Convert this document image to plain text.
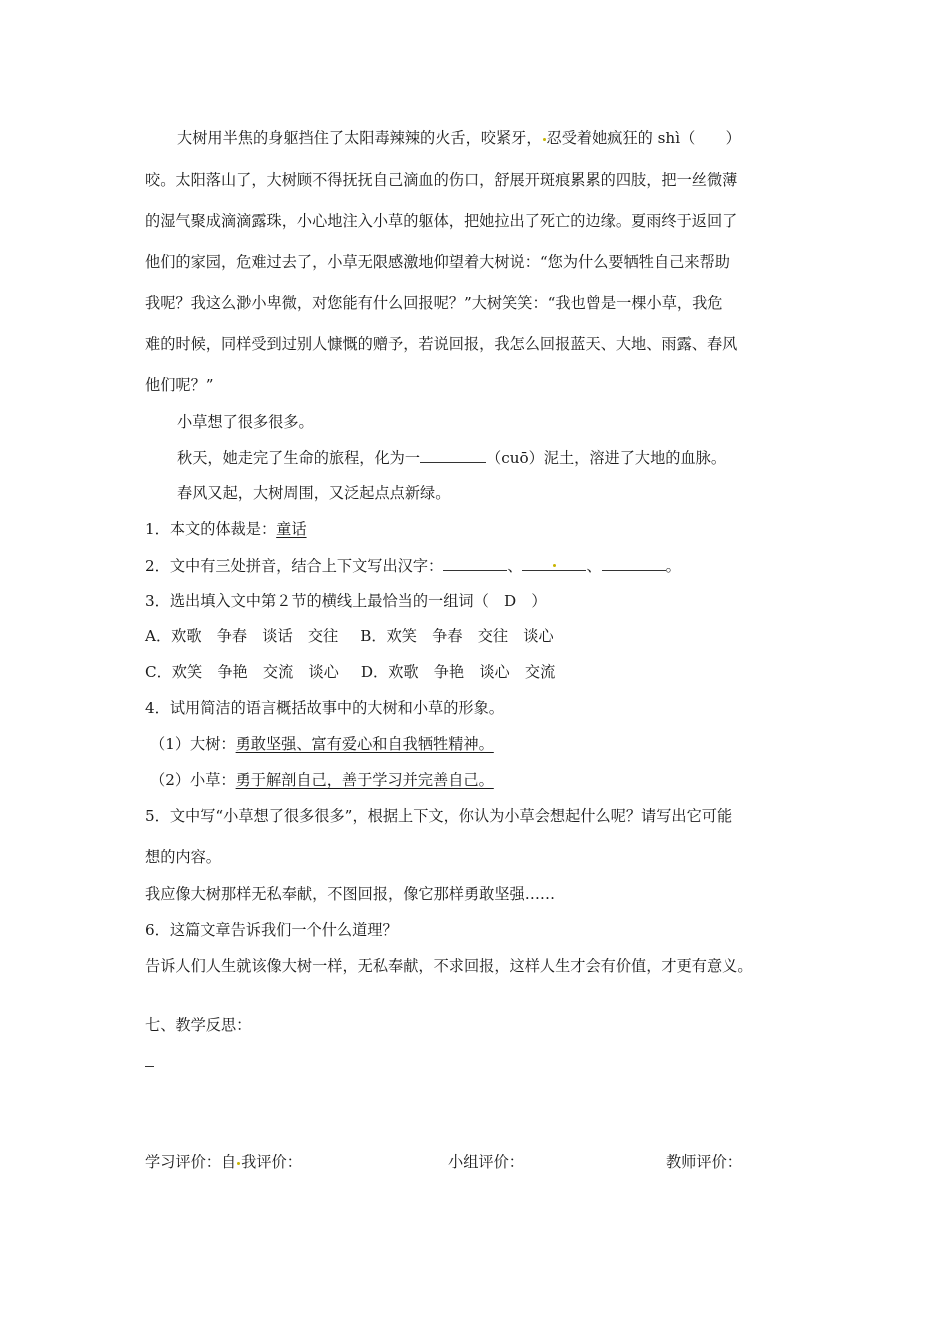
大树用半焦的身躯挡住了太阳毒辣辣的火舌，咬紧牙， 忍受着她疯狂的 shì（　　）
咬。太阳落山了，大树顾不得抚抚自己滴血的伤口，舒展开斑痕累累的四肢，把一丝微薄
的湿气聚成滴滴露珠，小心地注入小草的躯体，把她拉出了死亡的边缘。夏雨终于返回了
他们的家园，危难过去了，小草无限感激地仰望着大树说：“您为什么要牺牲自己来帮助
我呢？我这么渺小卑微，对您能有什么回报呢？”大树笑笑：“我也曾是一棵小草，我危
难的时候，同样受到过别人慷慨的赠予，若说回报，我怎么回报蓝天、大地、雨露、春风
他们呢？”
小草想了很多很多。
秋天，她走完了生命的旅程，化为一	（cuō）泥土，溶进了大地的血脉。
春风又起，大树周围，又泛起点点新绿。
1．本文的体裁是：童话
2．文中有三处拼音，结合上下文写出汉字：	、	、	。
3．选出填入文中第２节的横线上最恰当的一组词（　D　）
A．欢歌　争春　谈话　交往 B．欢笑　争春　交往　谈心
C．欢笑　争艳　交流　谈心 D．欢歌　争艳　谈心　交流
4．试用简洁的语言概括故事中的大树和小草的形象。
（1）大树：勇敢坚强、富有爱心和自我牺牲精神。
（2）小草：勇于解剖自己，善于学习并完善自己。
5．文中写“小草想了很多很多”，根据上下文，你认为小草会想起什么呢？请写出它可能
想的内容。
我应像大树那样无私奉献，不图回报，像它那样勇敢坚强……
6．这篇文章告诉我们一个什么道理？
告诉人们人生就该像大树一样，无私奉献，不求回报，这样人生才会有价值，才更有意义。
七、教学反思：
学习评价：自 我评价：	小组评价：	教师评价：
